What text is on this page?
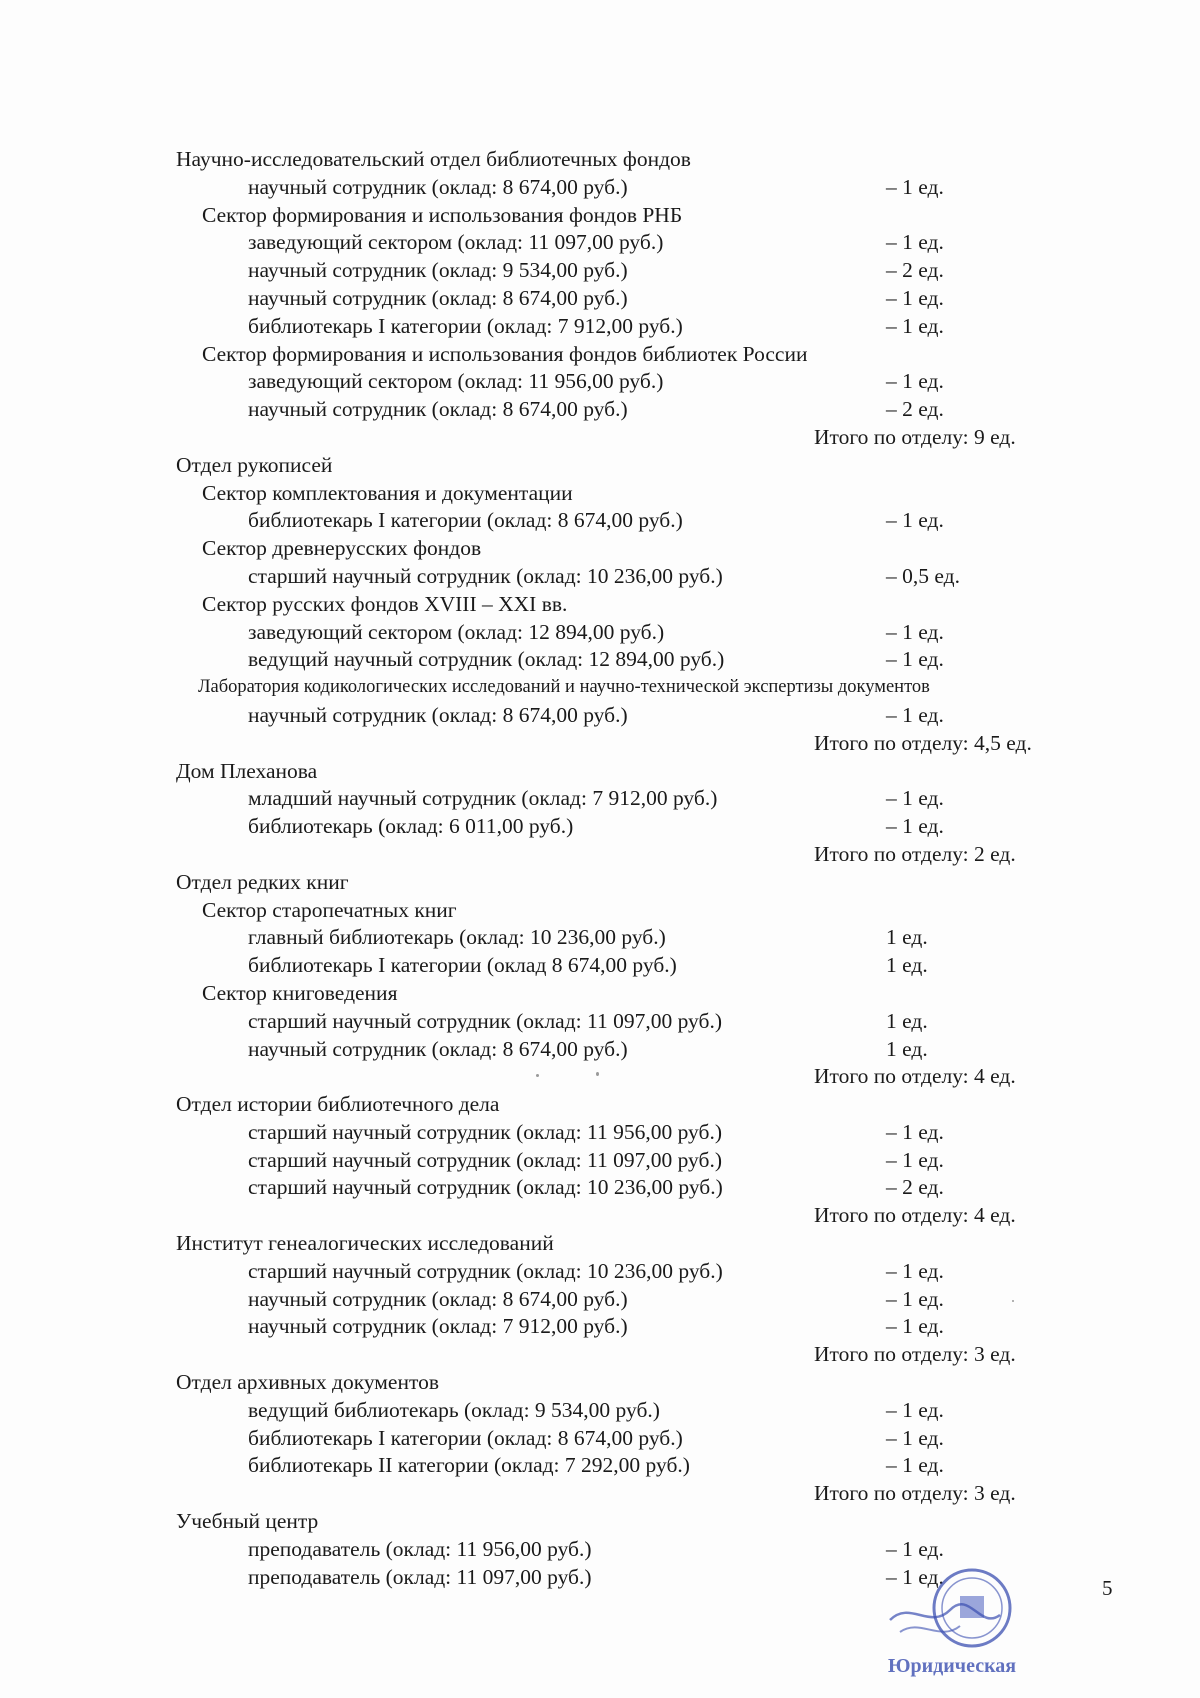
Научно-исследовательский отдел библиотечных фондов
научный сотрудник (оклад: 8 674,00 руб.)	– 1 ед.
Сектор формирования и использования фондов РНБ
заведующий сектором (оклад: 11 097,00 руб.)	– 1 ед.
научный сотрудник (оклад: 9 534,00 руб.)	– 2 ед.
научный сотрудник (оклад: 8 674,00 руб.)	– 1 ед.
библиотекарь I категории (оклад: 7 912,00 руб.)	– 1 ед.
Сектор формирования и использования фондов библиотек России
заведующий сектором (оклад: 11 956,00 руб.)	– 1 ед.
научный сотрудник (оклад: 8 674,00 руб.)	– 2 ед.
Итого по отделу: 9 ед.
Отдел рукописей
Сектор комплектования и документации
библиотекарь I категории (оклад: 8 674,00 руб.)	– 1 ед.
Сектор древнерусских фондов
старший научный сотрудник (оклад: 10 236,00 руб.)	– 0,5 ед.
Сектор русских фондов XVIII – XXI вв.
заведующий сектором (оклад: 12 894,00 руб.)	– 1 ед.
ведущий научный сотрудник (оклад: 12 894,00 руб.)	– 1 ед.
Лаборатория кодикологических исследований и научно-технической экспертизы документов
научный сотрудник (оклад: 8 674,00 руб.)	– 1 ед.
Итого по отделу: 4,5 ед.
Дом Плеханова
младший научный сотрудник (оклад: 7 912,00 руб.)	– 1 ед.
библиотекарь (оклад: 6 011,00 руб.)	– 1 ед.
Итого по отделу: 2 ед.
Отдел редких книг
Сектор старопечатных книг
главный библиотекарь (оклад: 10 236,00 руб.)	1 ед.
библиотекарь I категории (оклад 8 674,00 руб.)	1 ед.
Сектор книговедения
старший научный сотрудник (оклад: 11 097,00 руб.)	1 ед.
научный сотрудник (оклад: 8 674,00 руб.)	1 ед.
Итого по отделу: 4 ед.
Отдел истории библиотечного дела
старший научный сотрудник (оклад: 11 956,00 руб.)	– 1 ед.
старший научный сотрудник (оклад: 11 097,00 руб.)	– 1 ед.
старший научный сотрудник (оклад: 10 236,00 руб.)	– 2 ед.
Итого по отделу: 4 ед.
Институт генеалогических исследований
старший научный сотрудник (оклад: 10 236,00 руб.)	– 1 ед.
научный сотрудник (оклад: 8 674,00 руб.)	– 1 ед.
научный сотрудник (оклад: 7 912,00 руб.)	– 1 ед.
Итого по отделу: 3 ед.
Отдел архивных документов
ведущий библиотекарь (оклад: 9 534,00 руб.)	– 1 ед.
библиотекарь I категории (оклад: 8 674,00 руб.)	– 1 ед.
библиотекарь II категории (оклад: 7 292,00 руб.)	– 1 ед.
Итого по отделу: 3 ед.
Учебный центр
преподаватель (оклад: 11 956,00 руб.)	– 1 ед.
преподаватель (оклад: 11 097,00 руб.)	– 1 ед.
Юридическая
5
